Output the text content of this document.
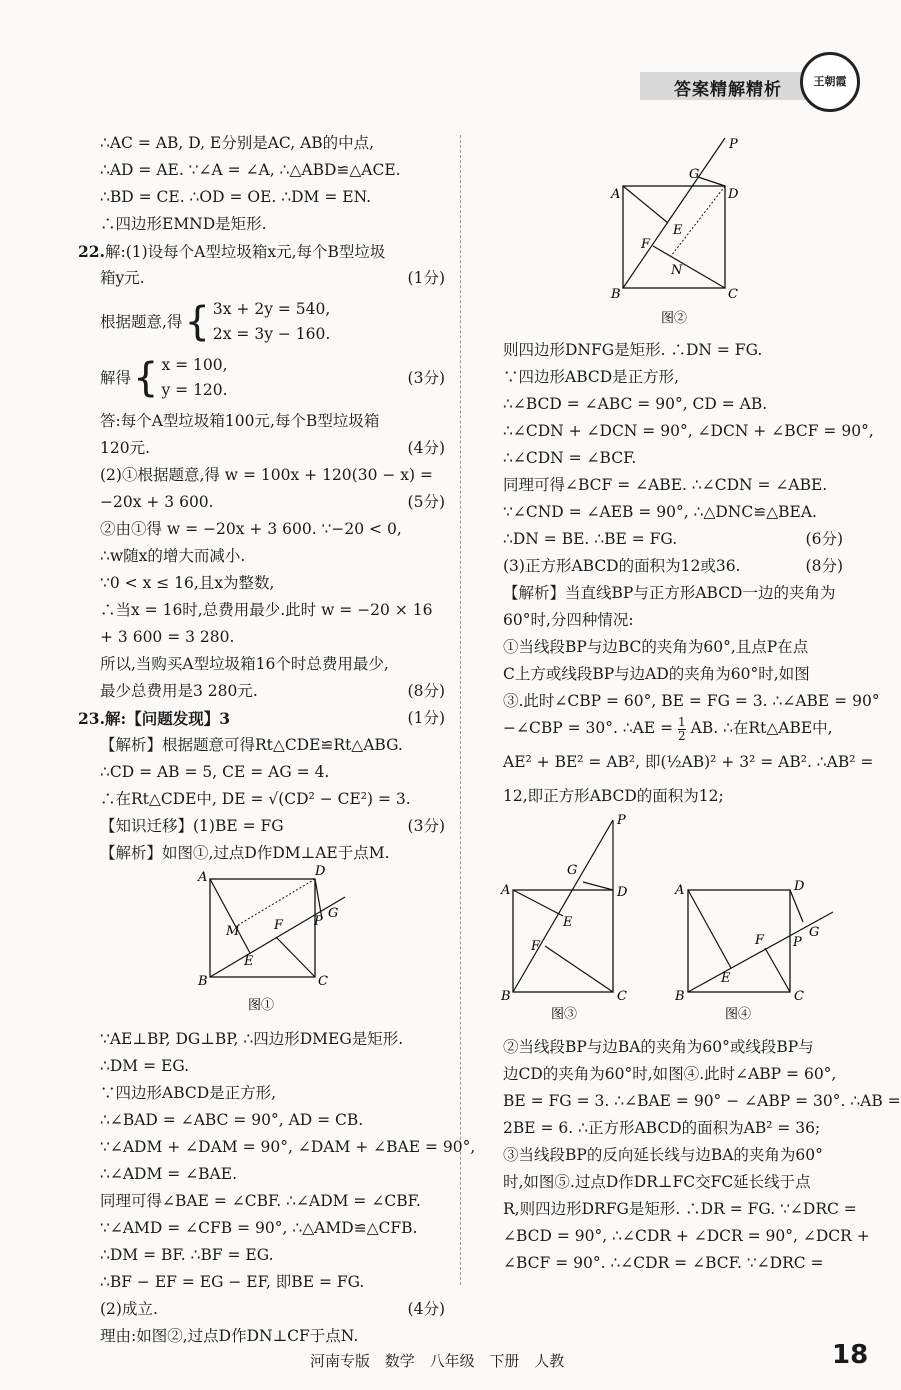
答案精解精析	王朝霞
∴AC = AB, D, E分别是AC, AB的中点,
∴AD = AE. ∵∠A = ∠A, ∴△ABD≌△ACE.
∴BD = CE. ∴OD = OE. ∴DM = EN.
∴四边形EMND是矩形.
22.解:(1)设每个A型垃圾箱x元,每个B型垃圾
箱y元.	(1分)
根据题意,得 { 3x + 2y = 540,
2x = 3y − 160.
解得 { x = 100,
y = 120.
(3分)
答:每个A型垃圾箱100元,每个B型垃圾箱
120元.	(4分)
(2)①根据题意,得 w = 100x + 120(30 − x) =
−20x + 3 600.	(5分)
②由①得 w = −20x + 3 600. ∵−20 < 0,
∴w随x的增大而减小.
∵0 < x ≤ 16,且x为整数,
∴当x = 16时,总费用最少.此时 w = −20 × 16
+ 3 600 = 3 280.
所以,当购买A型垃圾箱16个时总费用最少,
最少总费用是3 280元.	(8分)
23.解:【问题发现】3	(1分)
【解析】根据题意可得Rt△CDE≌Rt△ABG.
∴CD = AB = 5, CE = AG = 4.
∴在Rt△CDE中, DE = √(CD² − CE²) = 3.
【知识迁移】(1)BE = FG	(3分)
【解析】如图①,过点D作DM⊥AE于点M.
A
B	C
D
E
F
M
P
G
图①
∵AE⊥BP, DG⊥BP, ∴四边形DMEG是矩形.
∴DM = EG.
∵四边形ABCD是正方形,
∴∠BAD = ∠ABC = 90°, AD = CB.
∵∠ADM + ∠DAM = 90°, ∠DAM + ∠BAE = 90°,
∴∠ADM = ∠BAE.
同理可得∠BAE = ∠CBF. ∴∠ADM = ∠CBF.
∵∠AMD = ∠CFB = 90°, ∴△AMD≌△CFB.
∴DM = BF. ∴BF = EG.
∴BF − EF = EG − EF, 即BE = FG.
(2)成立.	(4分)
理由:如图②,过点D作DN⊥CF于点N.
A
B	C
D
P
G
E
F
N
图②
则四边形DNFG是矩形. ∴DN = FG.
∵四边形ABCD是正方形,
∴∠BCD = ∠ABC = 90°, CD = AB.
∴∠CDN + ∠DCN = 90°, ∠DCN + ∠BCF = 90°,
∴∠CDN = ∠BCF.
同理可得∠BCF = ∠ABE. ∴∠CDN = ∠ABE.
∵∠CND = ∠AEB = 90°, ∴△DNC≌△BEA.
∴DN = BE. ∴BE = FG.	(6分)
(3)正方形ABCD的面积为12或36.	(8分)
【解析】当直线BP与正方形ABCD一边的夹角为
60°时,分四种情况:
①当线段BP与边BC的夹角为60°,且点P在点
C上方或线段BP与边AD的夹角为60°时,如图
③.此时∠CBP = 60°, BE = FG = 3. ∴∠ABE = 90°
−∠CBP = 30°. ∴AE = $\frac{1}{2}$ AB. ∴在Rt△ABE中,
AE² + BE² = AB², 即(½AB)² + 3² = AB². ∴AB² =
12,即正方形ABCD的面积为12;
A
B	C
D
P
G
E
F
图③
A
B	C
D
E
F P
G
图④
②当线段BP与边BA的夹角为60°或线段BP与
边CD的夹角为60°时,如图④.此时∠ABP = 60°,
BE = FG = 3. ∴∠BAE = 90° − ∠ABP = 30°. ∴AB =
2BE = 6. ∴正方形ABCD的面积为AB² = 36;
③当线段BP的反向延长线与边BA的夹角为60°
时,如图⑤.过点D作DR⊥FC交FC延长线于点
R,则四边形DRFG是矩形. ∴DR = FG. ∵∠DRC =
∠BCD = 90°, ∴∠CDR + ∠DCR = 90°, ∠DCR +
∠BCF = 90°. ∴∠CDR = ∠BCF. ∵∠DRC =
河南专版 数学 八年级 下册 人教	18
